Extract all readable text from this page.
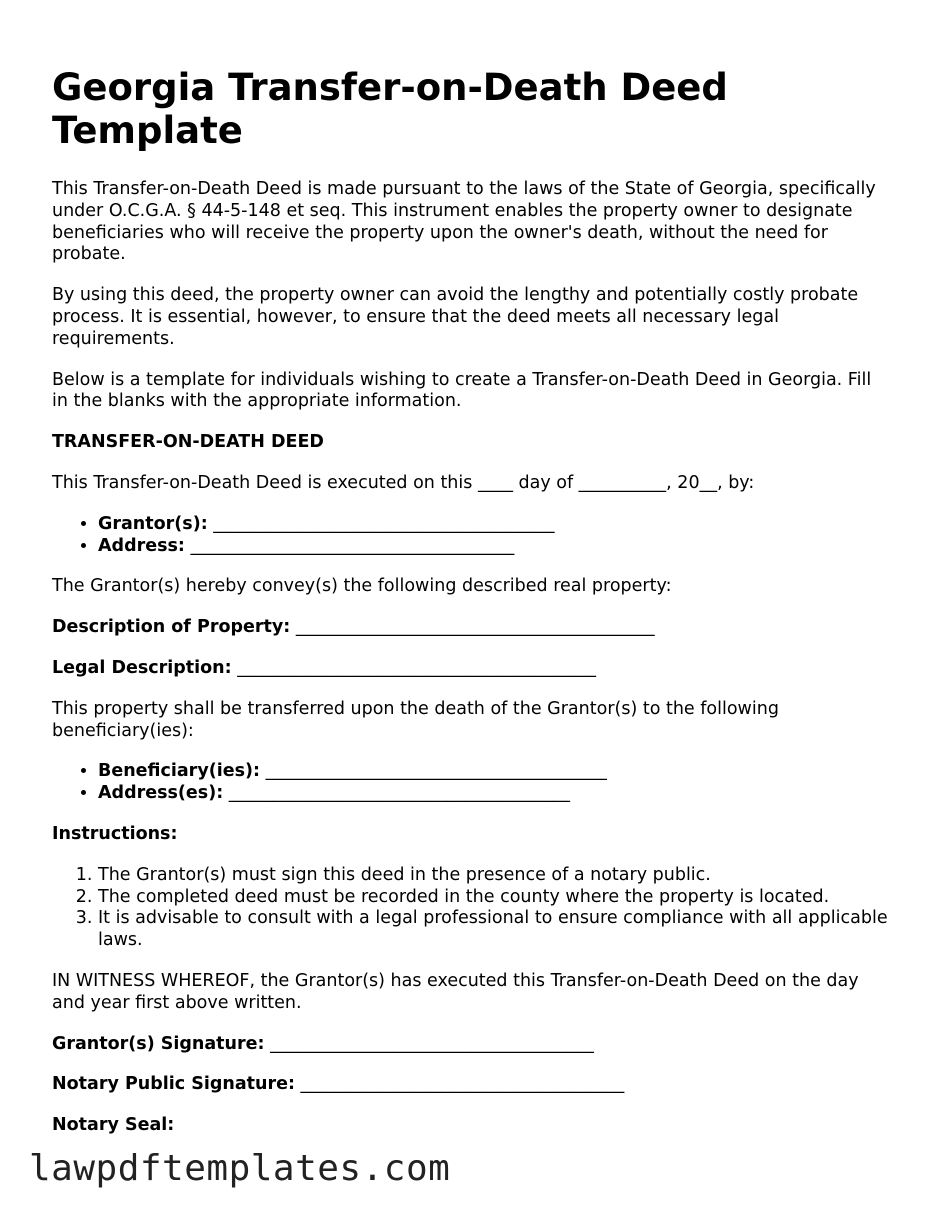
Georgia Transfer-on-Death Deed Template

This Transfer-on-Death Deed is made pursuant to the laws of the State of Georgia, specifically under O.C.G.A. § 44-5-148 et seq. This instrument enables the property owner to designate beneficiaries who will receive the property upon the owner's death, without the need for probate.

By using this deed, the property owner can avoid the lengthy and potentially costly probate process. It is essential, however, to ensure that the deed meets all necessary legal requirements.

Below is a template for individuals wishing to create a Transfer-on-Death Deed in Georgia. Fill in the blanks with the appropriate information.

TRANSFER-ON-DEATH DEED

This Transfer-on-Death Deed is executed on this ____ day of __________, 20__, by:

• Grantor(s): _______________________________________
• Address: _____________________________________

The Grantor(s) hereby convey(s) the following described real property:

Description of Property: _________________________________________

Legal Description: _________________________________________

This property shall be transferred upon the death of the Grantor(s) to the following beneficiary(ies):

• Beneficiary(ies): _______________________________________
• Address(es): _______________________________________
Instructions:
1. The Grantor(s) must sign this deed in the presence of a notary public.
2. The completed deed must be recorded in the county where the property is located.
3. It is advisable to consult with a legal professional to ensure compliance with all applicable laws.

IN WITNESS WHEREOF, the Grantor(s) has executed this Transfer-on-Death Deed on the day and year first above written.

Grantor(s) Signature: _____________________________________

Notary Public Signature: _____________________________________

Notary Seal:
lawpdftemplates.com
